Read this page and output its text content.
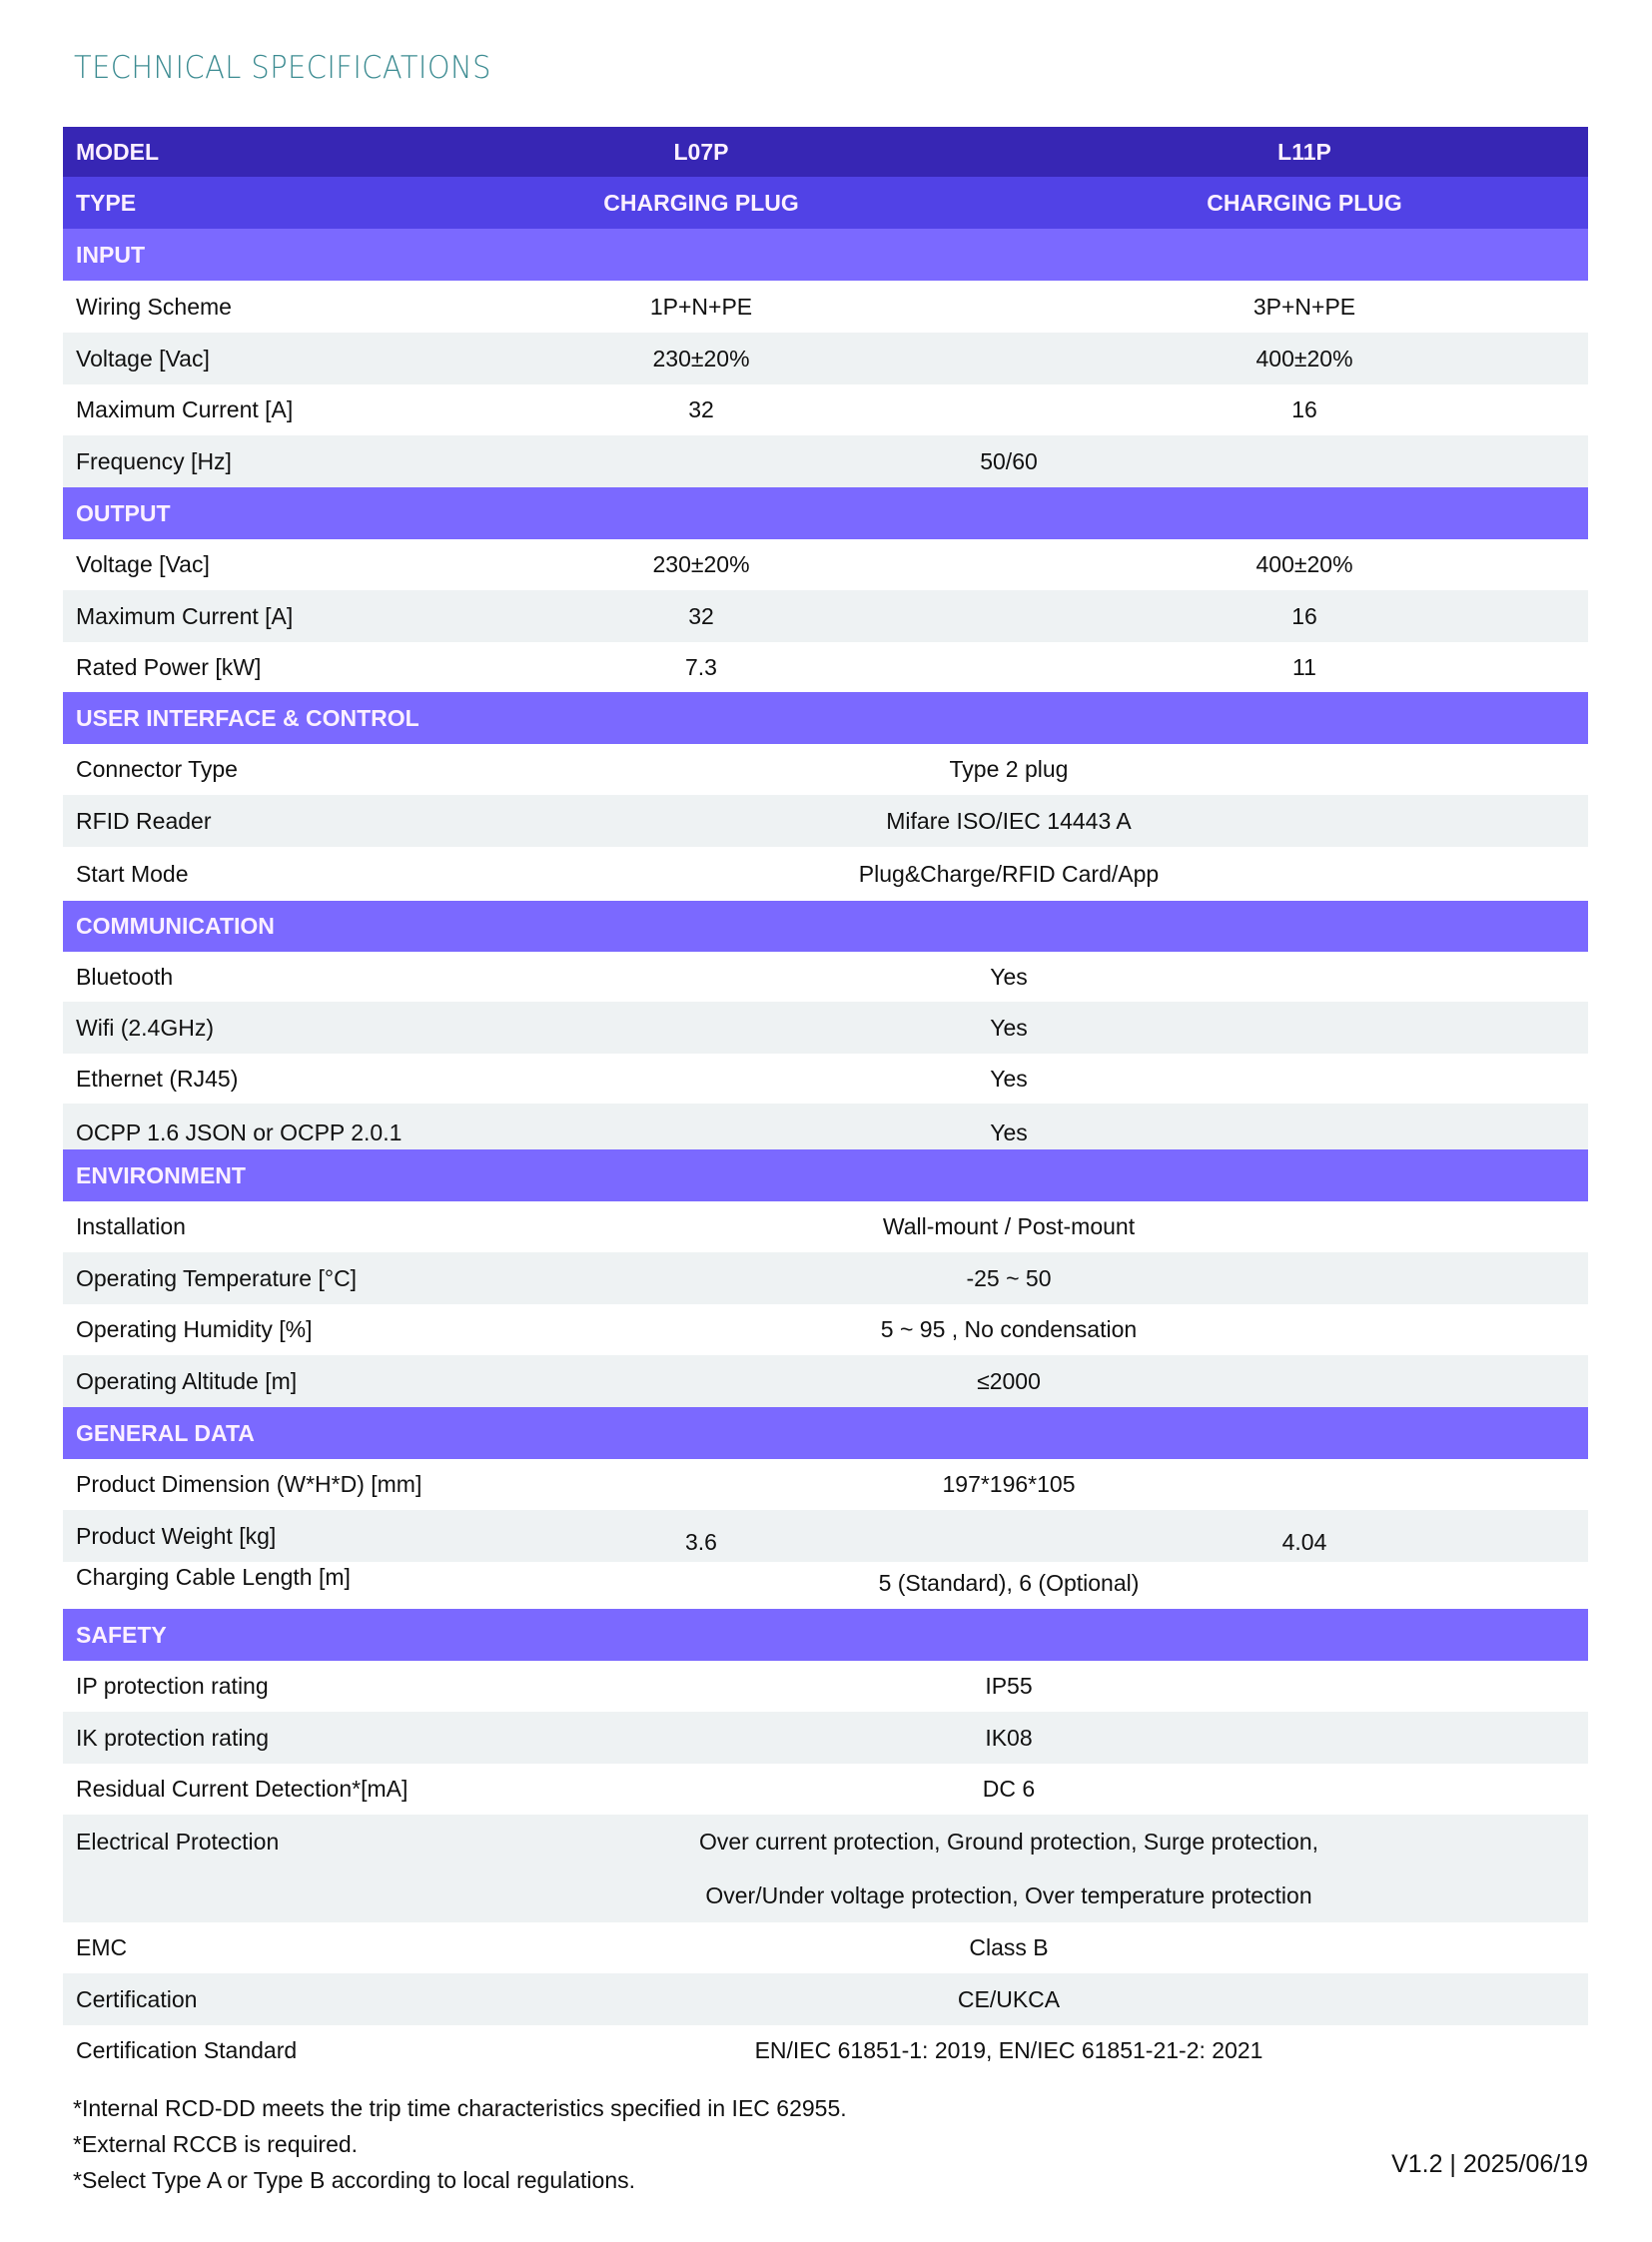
TECHNICAL SPECIFICATIONS
MODEL	L07P	L11P
TYPE	CHARGING PLUG	CHARGING PLUG
INPUT
Wiring Scheme	1P+N+PE	3P+N+PE
Voltage [Vac]	230±20%	400±20%
Maximum Current [A]	32	16
Frequency [Hz]	50/60
OUTPUT
Voltage [Vac]	230±20%	400±20%
Maximum Current [A]	32	16
Rated Power [kW]	7.3	11
USER INTERFACE & CONTROL
Connector Type	Type 2 plug
RFID Reader	Mifare ISO/IEC 14443 A
Start Mode	Plug&Charge/RFID Card/App
COMMUNICATION
Bluetooth	Yes
Wifi (2.4GHz)	Yes
Ethernet (RJ45)	Yes
OCPP 1.6 JSON or OCPP 2.0.1	Yes
ENVIRONMENT
Installation	Wall-mount / Post-mount
Operating Temperature [°C]	-25 ~ 50
Operating Humidity [%]	5 ~ 95 , No condensation
Operating Altitude [m]	≤2000
GENERAL DATA
Product Dimension (W*H*D) [mm]	197*196*105
Product Weight [kg]	3.6	4.04
Charging Cable Length [m]	5 (Standard), 6 (Optional)
SAFETY
IP protection rating	IP55
IK protection rating	IK08
Residual Current Detection*[mA]	DC 6
Electrical Protection	Over current protection, Ground protection, Surge protection,
Over/Under voltage protection, Over temperature protection
EMC	Class B
Certification	CE/UKCA
Certification Standard	EN/IEC 61851-1: 2019, EN/IEC 61851-21-2: 2021
*Internal RCD-DD meets the trip time characteristics specified in IEC 62955.
*External RCCB is required.
*Select Type A or Type B according to local regulations.
V1.2 | 2025/06/19
